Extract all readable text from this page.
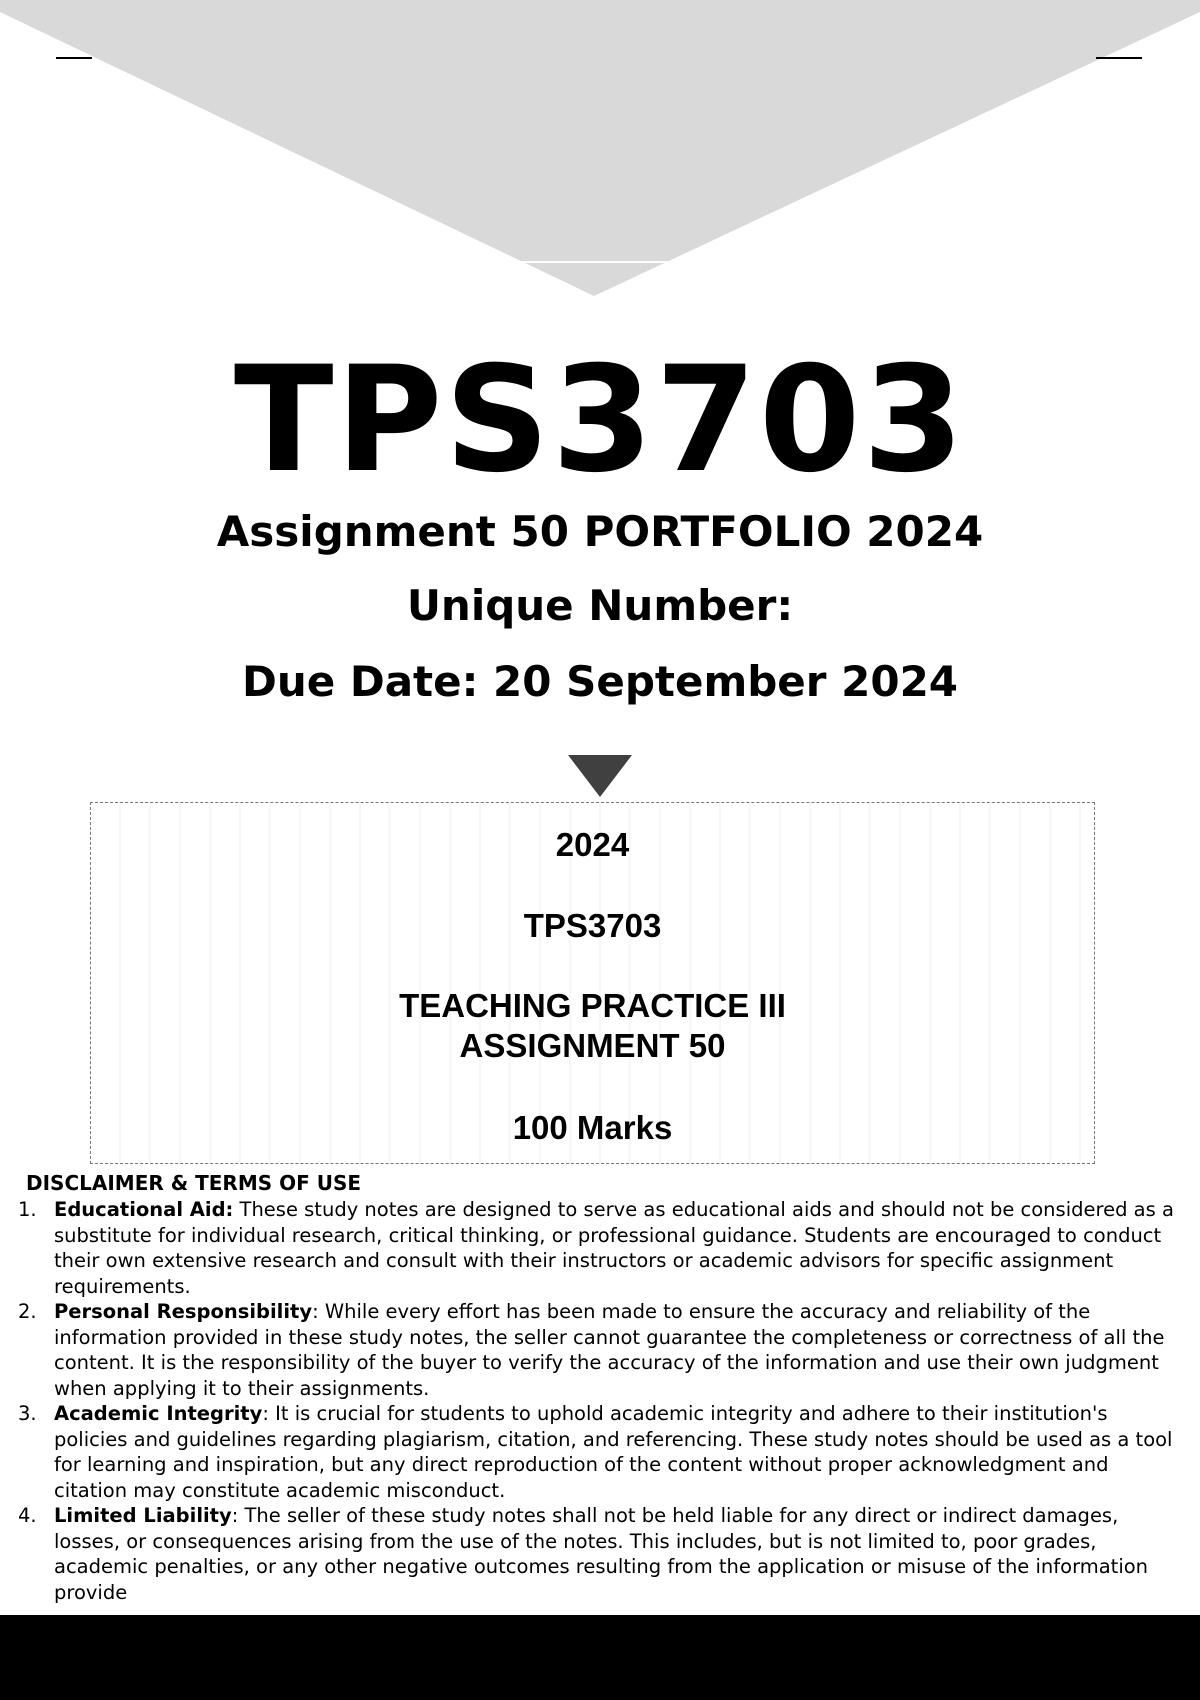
TPS3703

Assignment 50 PORTFOLIO 2024

Unique Number:

Due Date: 20 September 2024

2024
TPS3703
TEACHING PRACTICE III
ASSIGNMENT 50
100 Marks
DISCLAIMER & TERMS OF USE
1. Educational Aid: These study notes are designed to serve as educational aids and should not be considered as a substitute for individual research, critical thinking, or professional guidance. Students are encouraged to conduct their own extensive research and consult with their instructors or academic advisors for specific assignment requirements.
2. Personal Responsibility: While every effort has been made to ensure the accuracy and reliability of the information provided in these study notes, the seller cannot guarantee the completeness or correctness of all the content. It is the responsibility of the buyer to verify the accuracy of the information and use their own judgment when applying it to their assignments.
3. Academic Integrity: It is crucial for students to uphold academic integrity and adhere to their institution's policies and guidelines regarding plagiarism, citation, and referencing. These study notes should be used as a tool for learning and inspiration, but any direct reproduction of the content without proper acknowledgment and citation may constitute academic misconduct.
4. Limited Liability: The seller of these study notes shall not be held liable for any direct or indirect damages, losses, or consequences arising from the use of the notes. This includes, but is not limited to, poor grades, academic penalties, or any other negative outcomes resulting from the application or misuse of the information provide
